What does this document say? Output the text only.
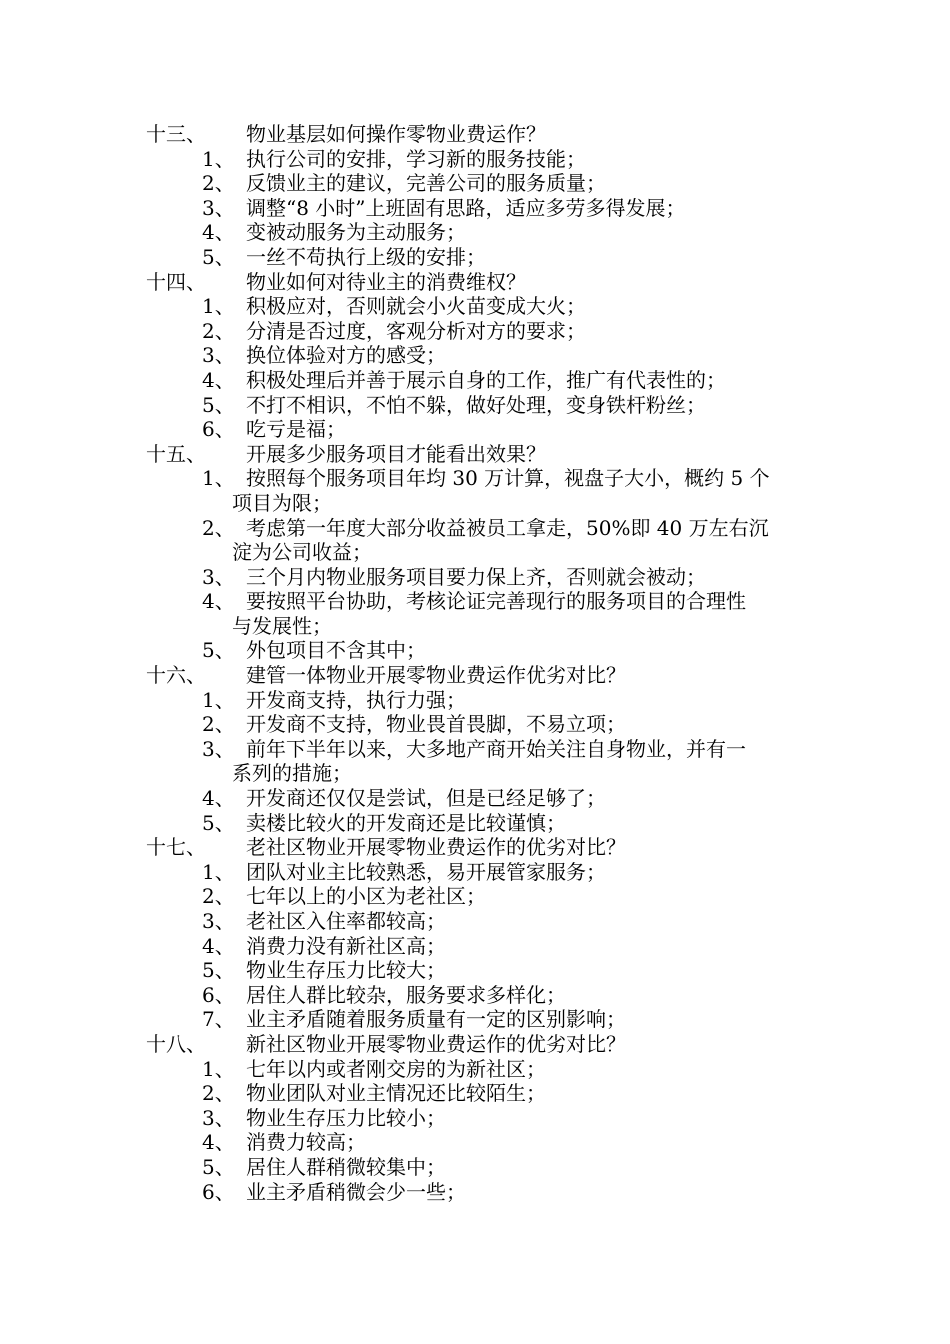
十三、 物业基层如何操作零物业费运作？
1、 执行公司的安排，学习新的服务技能；
2、 反馈业主的建议，完善公司的服务质量；
3、 调整“8 小时”上班固有思路，适应多劳多得发展；
4、 变被动服务为主动服务；
5、 一丝不苟执行上级的安排；
十四、 物业如何对待业主的消费维权？
1、 积极应对，否则就会小火苗变成大火；
2、 分清是否过度，客观分析对方的要求；
3、 换位体验对方的感受；
4、 积极处理后并善于展示自身的工作，推广有代表性的；
5、 不打不相识，不怕不躲，做好处理，变身铁杆粉丝；
6、 吃亏是福；
十五、 开展多少服务项目才能看出效果？
1、 按照每个服务项目年均 30 万计算，视盘子大小，概约 5 个
项目为限；
2、 考虑第一年度大部分收益被员工拿走，50%即 40 万左右沉
淀为公司收益；
3、 三个月内物业服务项目要力保上齐，否则就会被动；
4、 要按照平台协助，考核论证完善现行的服务项目的合理性
与发展性；
5、 外包项目不含其中；
十六、 建管一体物业开展零物业费运作优劣对比？
1、 开发商支持，执行力强；
2、 开发商不支持，物业畏首畏脚，不易立项；
3、 前年下半年以来，大多地产商开始关注自身物业，并有一
系列的措施；
4、 开发商还仅仅是尝试，但是已经足够了；
5、 卖楼比较火的开发商还是比较谨慎；
十七、 老社区物业开展零物业费运作的优劣对比？
1、 团队对业主比较熟悉，易开展管家服务；
2、 七年以上的小区为老社区；
3、 老社区入住率都较高；
4、 消费力没有新社区高；
5、 物业生存压力比较大；
6、 居住人群比较杂，服务要求多样化；
7、 业主矛盾随着服务质量有一定的区别影响；
十八、 新社区物业开展零物业费运作的优劣对比？
1、 七年以内或者刚交房的为新社区；
2、 物业团队对业主情况还比较陌生；
3、 物业生存压力比较小；
4、 消费力较高；
5、 居住人群稍微较集中；
6、 业主矛盾稍微会少一些；
